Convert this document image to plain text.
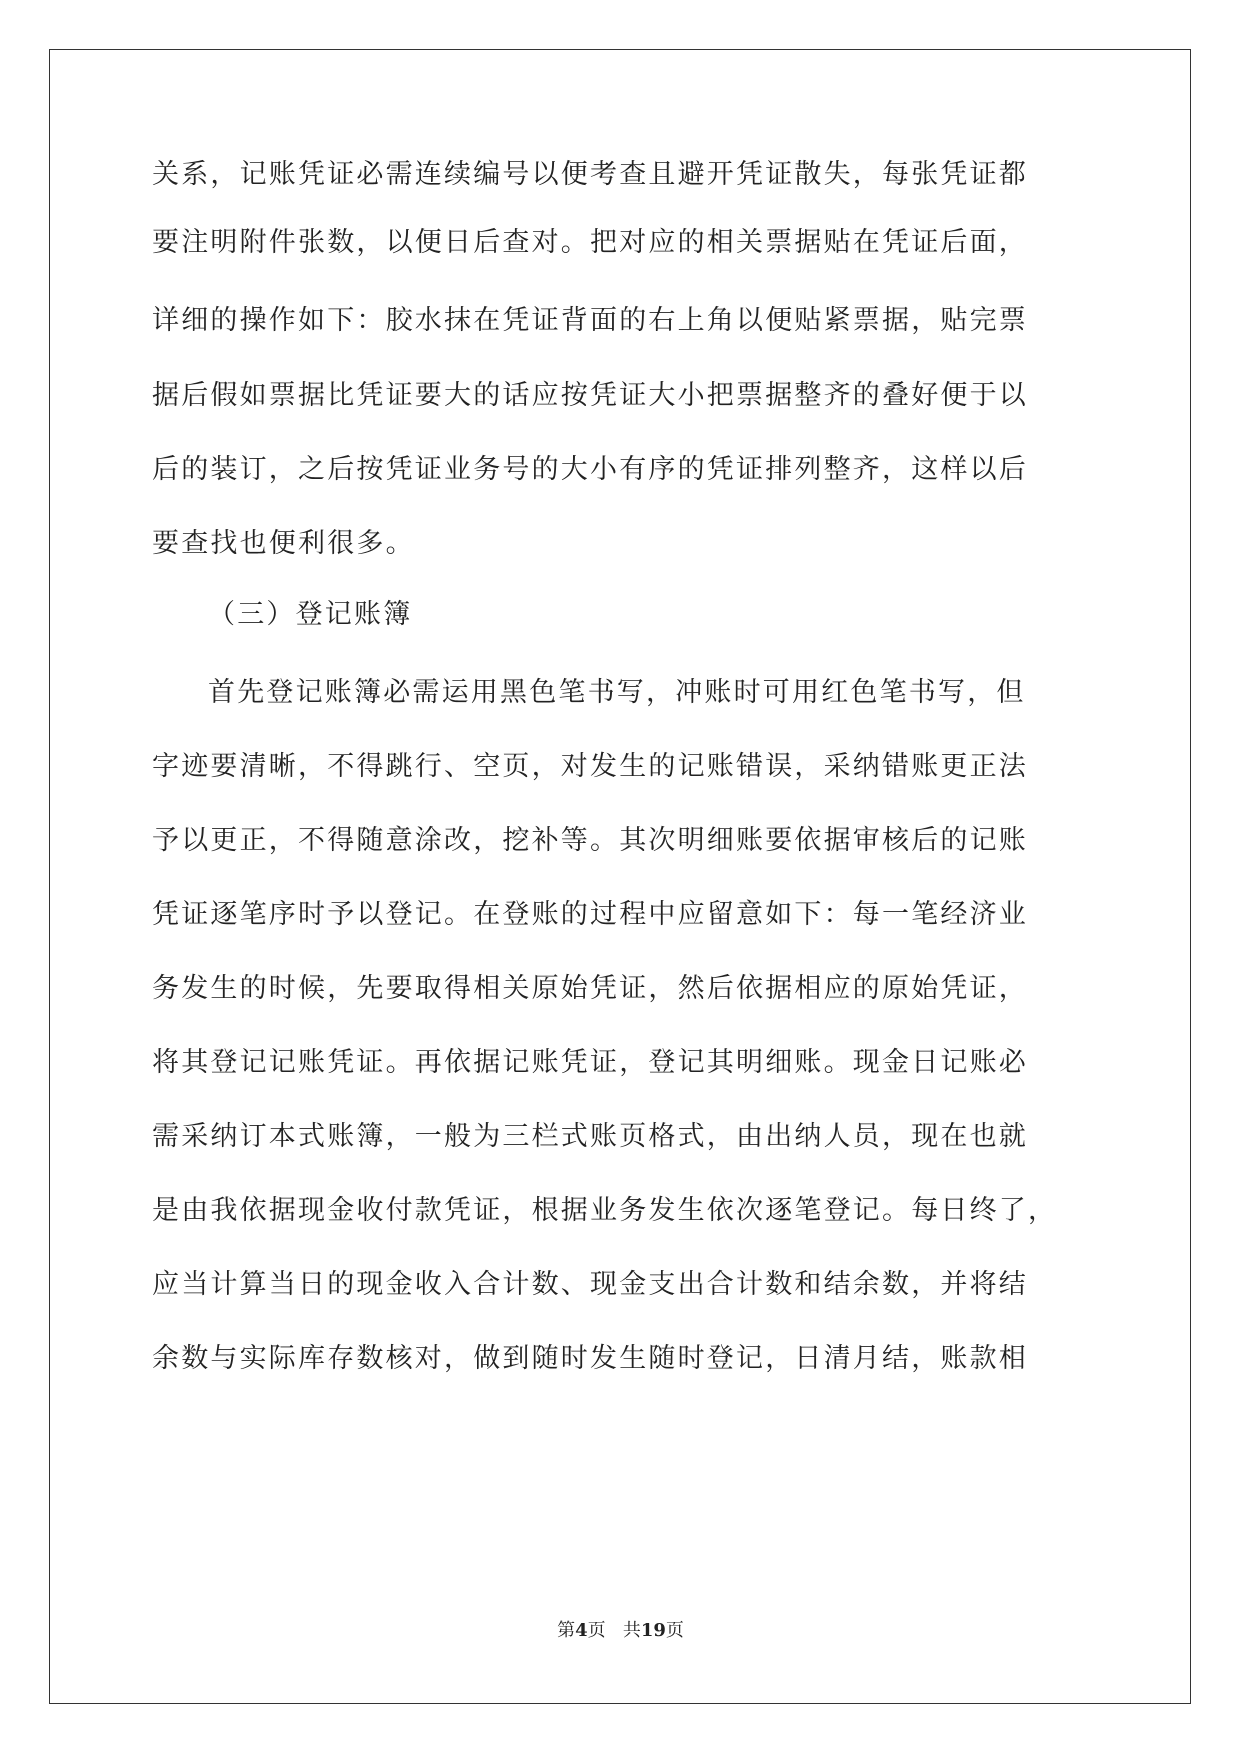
关系，记账凭证必需连续编号以便考查且避开凭证散失，每张凭证都
要注明附件张数，以便日后查对。把对应的相关票据贴在凭证后面，
详细的操作如下：胶水抹在凭证背面的右上角以便贴紧票据，贴完票
据后假如票据比凭证要大的话应按凭证大小把票据整齐的叠好便于以
后的装订，之后按凭证业务号的大小有序的凭证排列整齐，这样以后
要查找也便利很多。
（三）登记账簿
首先登记账簿必需运用黑色笔书写，冲账时可用红色笔书写，但
字迹要清晰，不得跳行、空页，对发生的记账错误，采纳错账更正法
予以更正，不得随意涂改，挖补等。其次明细账要依据审核后的记账
凭证逐笔序时予以登记。在登账的过程中应留意如下：每一笔经济业
务发生的时候，先要取得相关原始凭证，然后依据相应的原始凭证，
将其登记记账凭证。再依据记账凭证，登记其明细账。现金日记账必
需采纳订本式账簿，一般为三栏式账页格式，由出纳人员，现在也就
是由我依据现金收付款凭证，根据业务发生依次逐笔登记。每日终了，
应当计算当日的现金收入合计数、现金支出合计数和结余数，并将结
余数与实际库存数核对，做到随时发生随时登记，日清月结，账款相
第4页 共19页
